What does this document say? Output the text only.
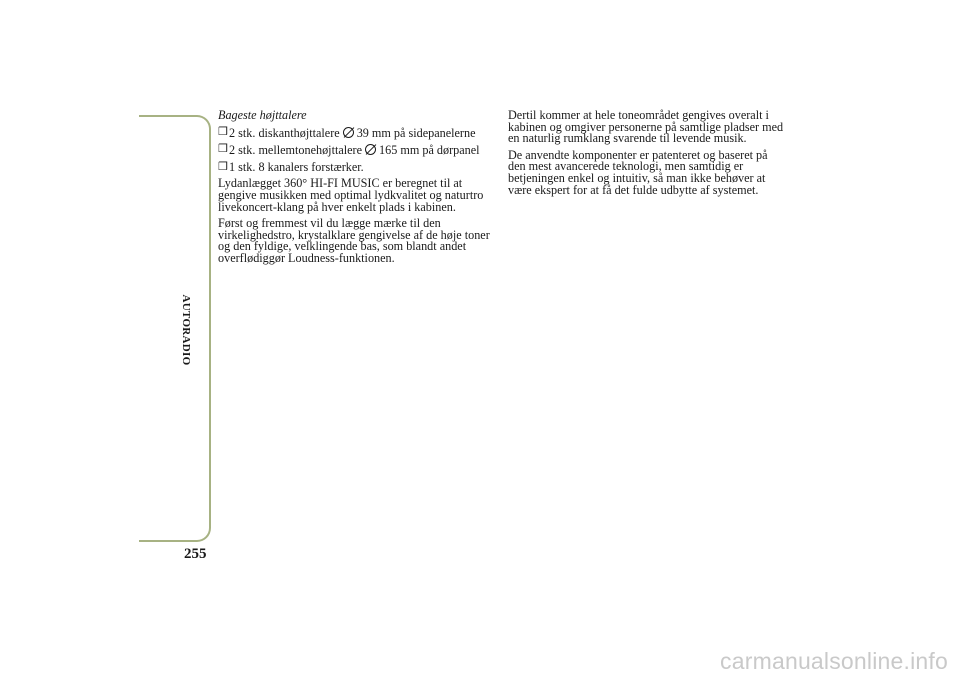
AUTORADIO
255

Bageste højttalere

❒ 2 stk. diskanthøjttalere 39 mm på sidepanelerne
❒ 2 stk. mellemtonehøjttalere 165 mm på dørpanel
❒ 1 stk. 8 kanalers forstærker.

Lydanlægget 360° HI-FI MUSIC er beregnet til at gengive musikken med optimal lydkvalitet og naturtro livekoncert-klang på hver enkelt plads i kabinen.

Først og fremmest vil du lægge mærke til den virkelighedstro, krystalklare gengivelse af de høje toner og den fyldige, velklingende bas, som blandt andet overflødiggør Loudness-funktionen.

Dertil kommer at hele toneområdet gengives overalt i kabinen og omgiver personerne på samtlige pladser med en naturlig rumklang svarende til levende musik.

De anvendte komponenter er patenteret og baseret på den mest avancerede teknologi, men samtidig er betjeningen enkel og intuitiv, så man ikke behøver at være ekspert for at få det fulde udbytte af systemet.

carmanualsonline.info
